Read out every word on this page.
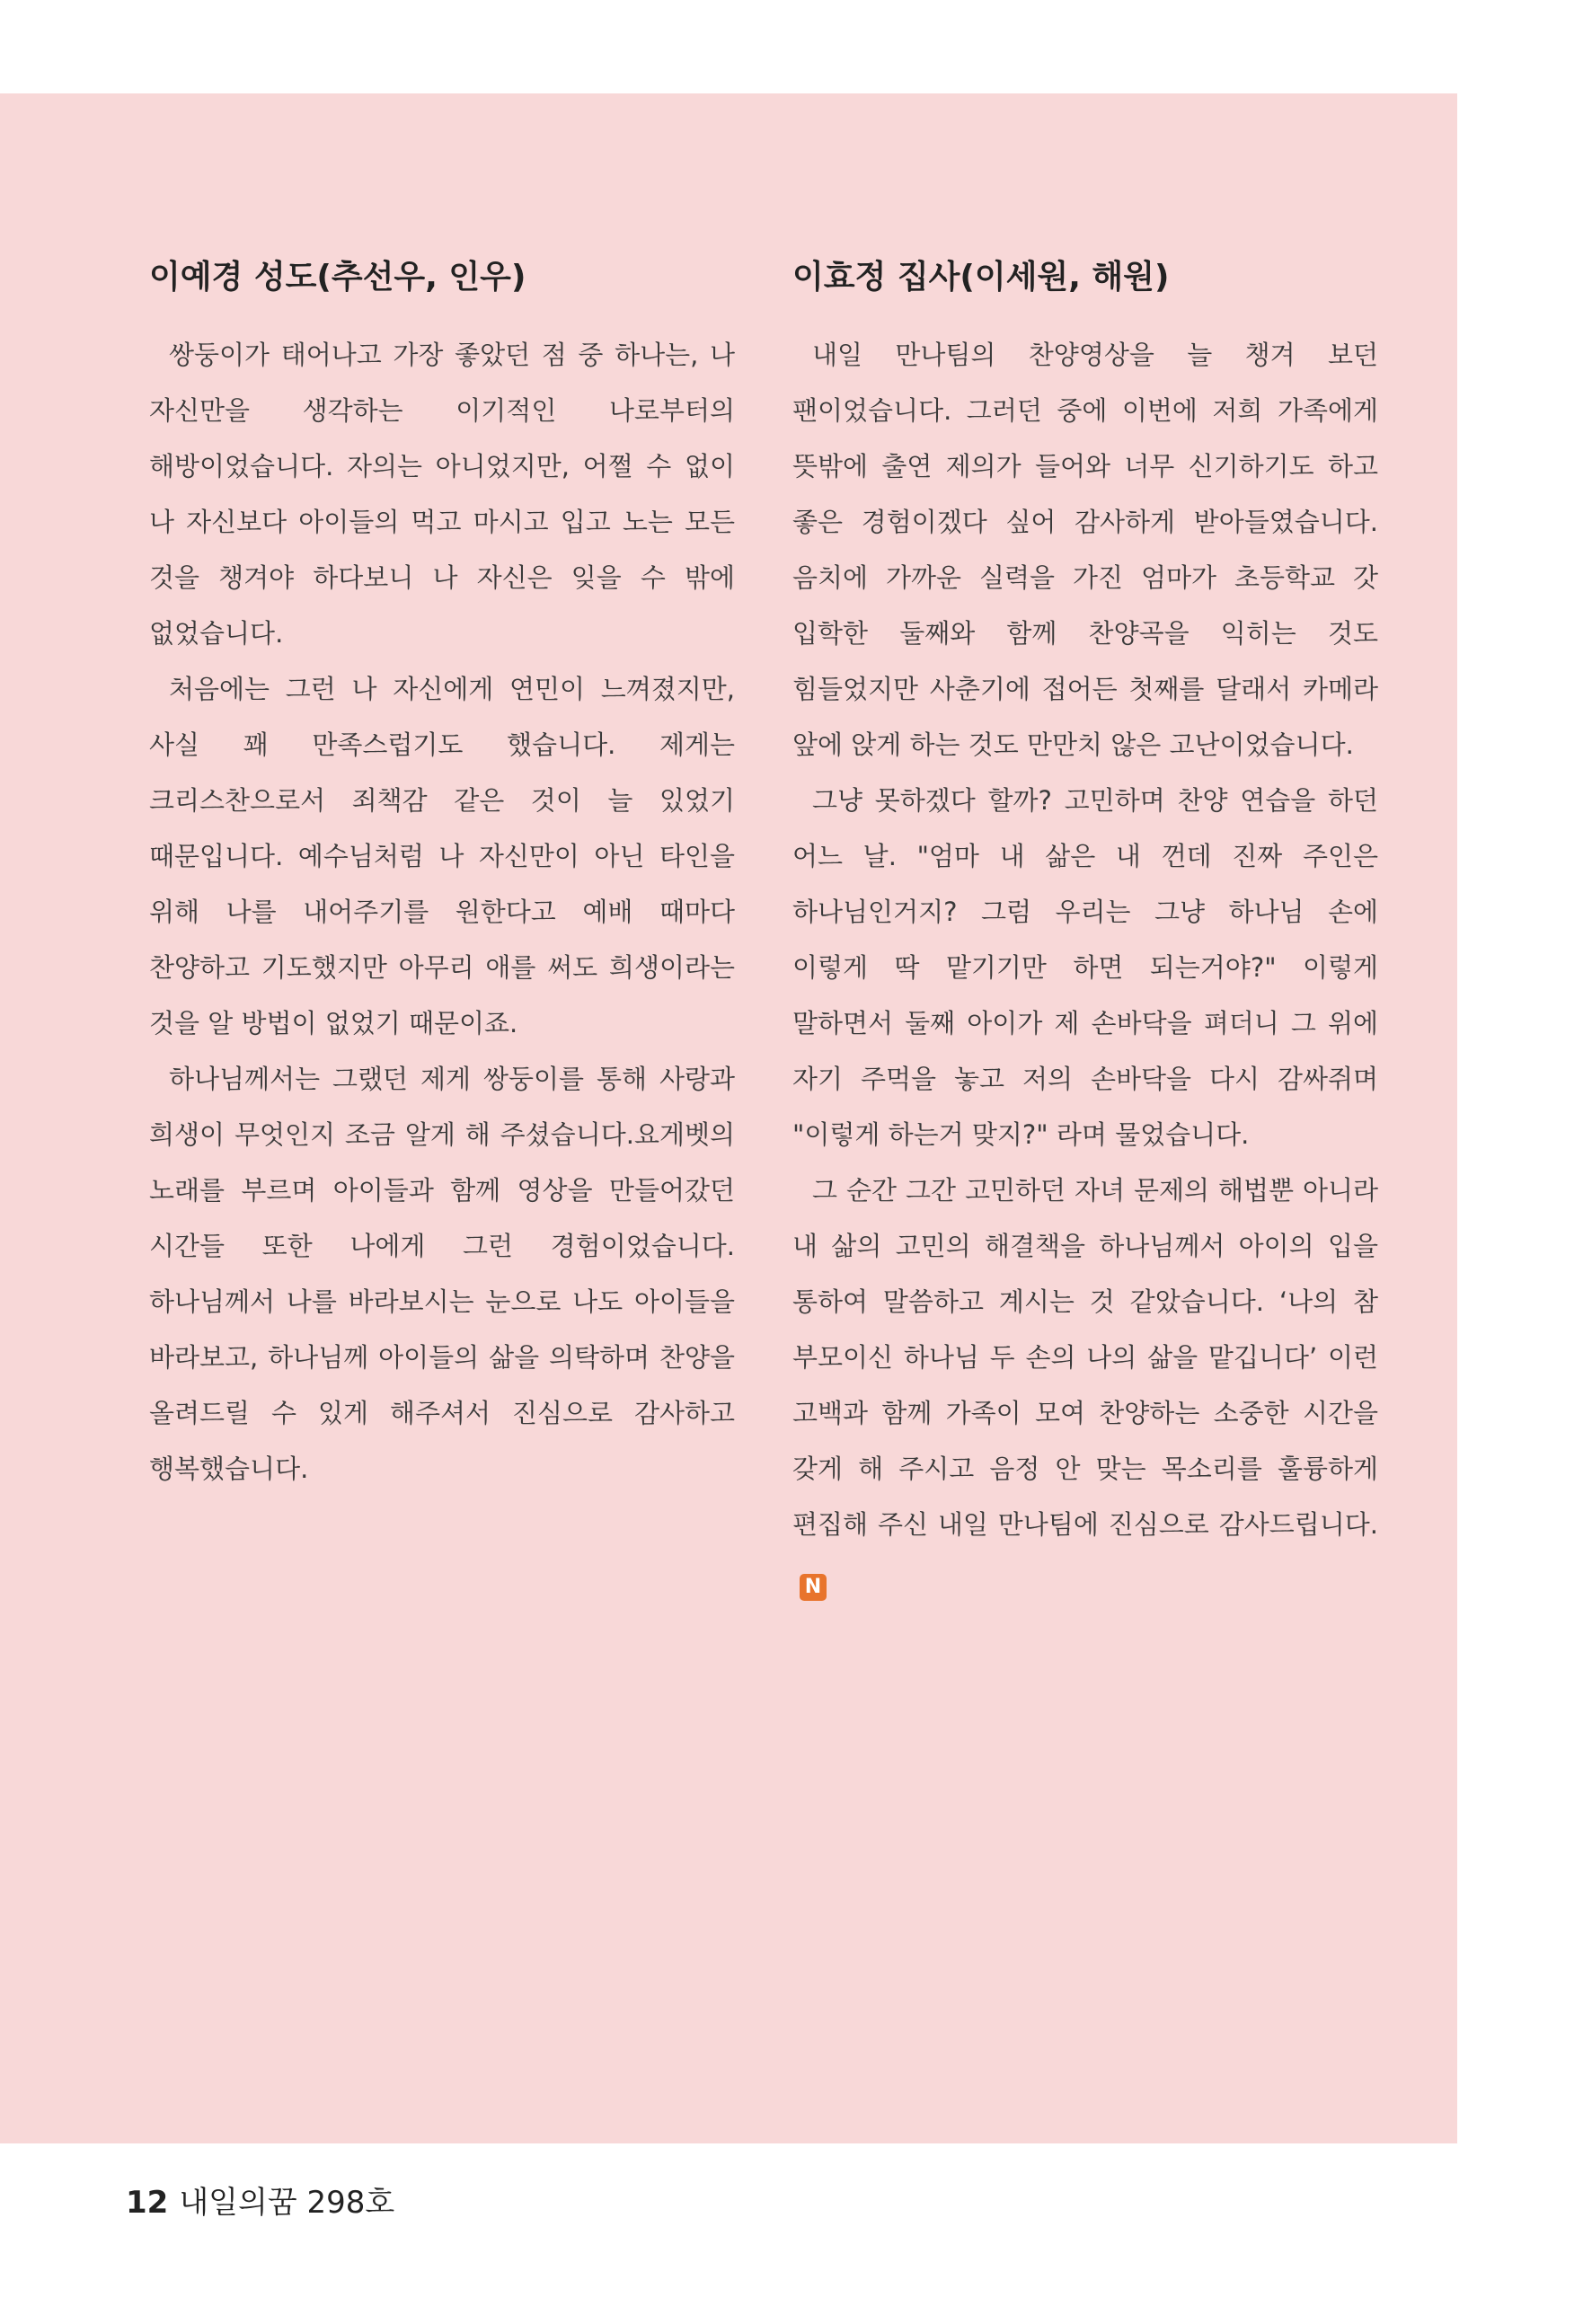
이예경 성도(추선우, 인우)

쌍둥이가 태어나고 가장 좋았던 점 중 하나는, 나 자신만을 생각하는 이기적인 나로부터의 해방이었습니다. 자의는 아니었지만, 어쩔 수 없이 나 자신보다 아이들의 먹고 마시고 입고 노는 모든 것을 챙겨야 하다보니 나 자신은 잊을 수 밖에 없었습니다.

처음에는 그런 나 자신에게 연민이 느껴졌지만, 사실 꽤 만족스럽기도 했습니다. 제게는 크리스찬으로서 죄책감 같은 것이 늘 있었기 때문입니다. 예수님처럼 나 자신만이 아닌 타인을 위해 나를 내어주기를 원한다고 예배 때마다 찬양하고 기도했지만 아무리 애를 써도 희생이라는 것을 알 방법이 없었기 때문이죠.

하나님께서는 그랬던 제게 쌍둥이를 통해 사랑과 희생이 무엇인지 조금 알게 해 주셨습니다.요게벳의 노래를 부르며 아이들과 함께 영상을 만들어갔던 시간들 또한 나에게 그런 경험이었습니다. 하나님께서 나를 바라보시는 눈으로 나도 아이들을 바라보고, 하나님께 아이들의 삶을 의탁하며 찬양을 올려드릴 수 있게 해주셔서 진심으로 감사하고 행복했습니다.

이효정 집사(이세원, 해원)

내일 만나팀의 찬양영상을 늘 챙겨 보던 팬이었습니다. 그러던 중에 이번에 저희 가족에게 뜻밖에 출연 제의가 들어와 너무 신기하기도 하고 좋은 경험이겠다 싶어 감사하게 받아들였습니다. 음치에 가까운 실력을 가진 엄마가 초등학교 갓 입학한 둘째와 함께 찬양곡을 익히는 것도 힘들었지만 사춘기에 접어든 첫째를 달래서 카메라 앞에 앉게 하는 것도 만만치 않은 고난이었습니다.

그냥 못하겠다 할까? 고민하며 찬양 연습을 하던 어느 날. "엄마 내 삶은 내 껀데 진짜 주인은 하나님인거지? 그럼 우리는 그냥 하나님 손에 이렇게 딱 맡기기만 하면 되는거야?" 이렇게 말하면서 둘째 아이가 제 손바닥을 펴더니 그 위에 자기 주먹을 놓고 저의 손바닥을 다시 감싸쥐며 "이렇게 하는거 맞지?" 라며 물었습니다.

그 순간 그간 고민하던 자녀 문제의 해법뿐 아니라 내 삶의 고민의 해결책을 하나님께서 아이의 입을 통하여 말씀하고 계시는 것 같았습니다. ‘나의 참 부모이신 하나님 두 손의 나의 삶을 맡깁니다’ 이런 고백과 함께 가족이 모여 찬양하는 소중한 시간을 갖게 해 주시고 음정 안 맞는 목소리를 훌륭하게 편집해 주신 내일 만나팀에 진심으로 감사드립니다.N

12 내일의꿈 298호
